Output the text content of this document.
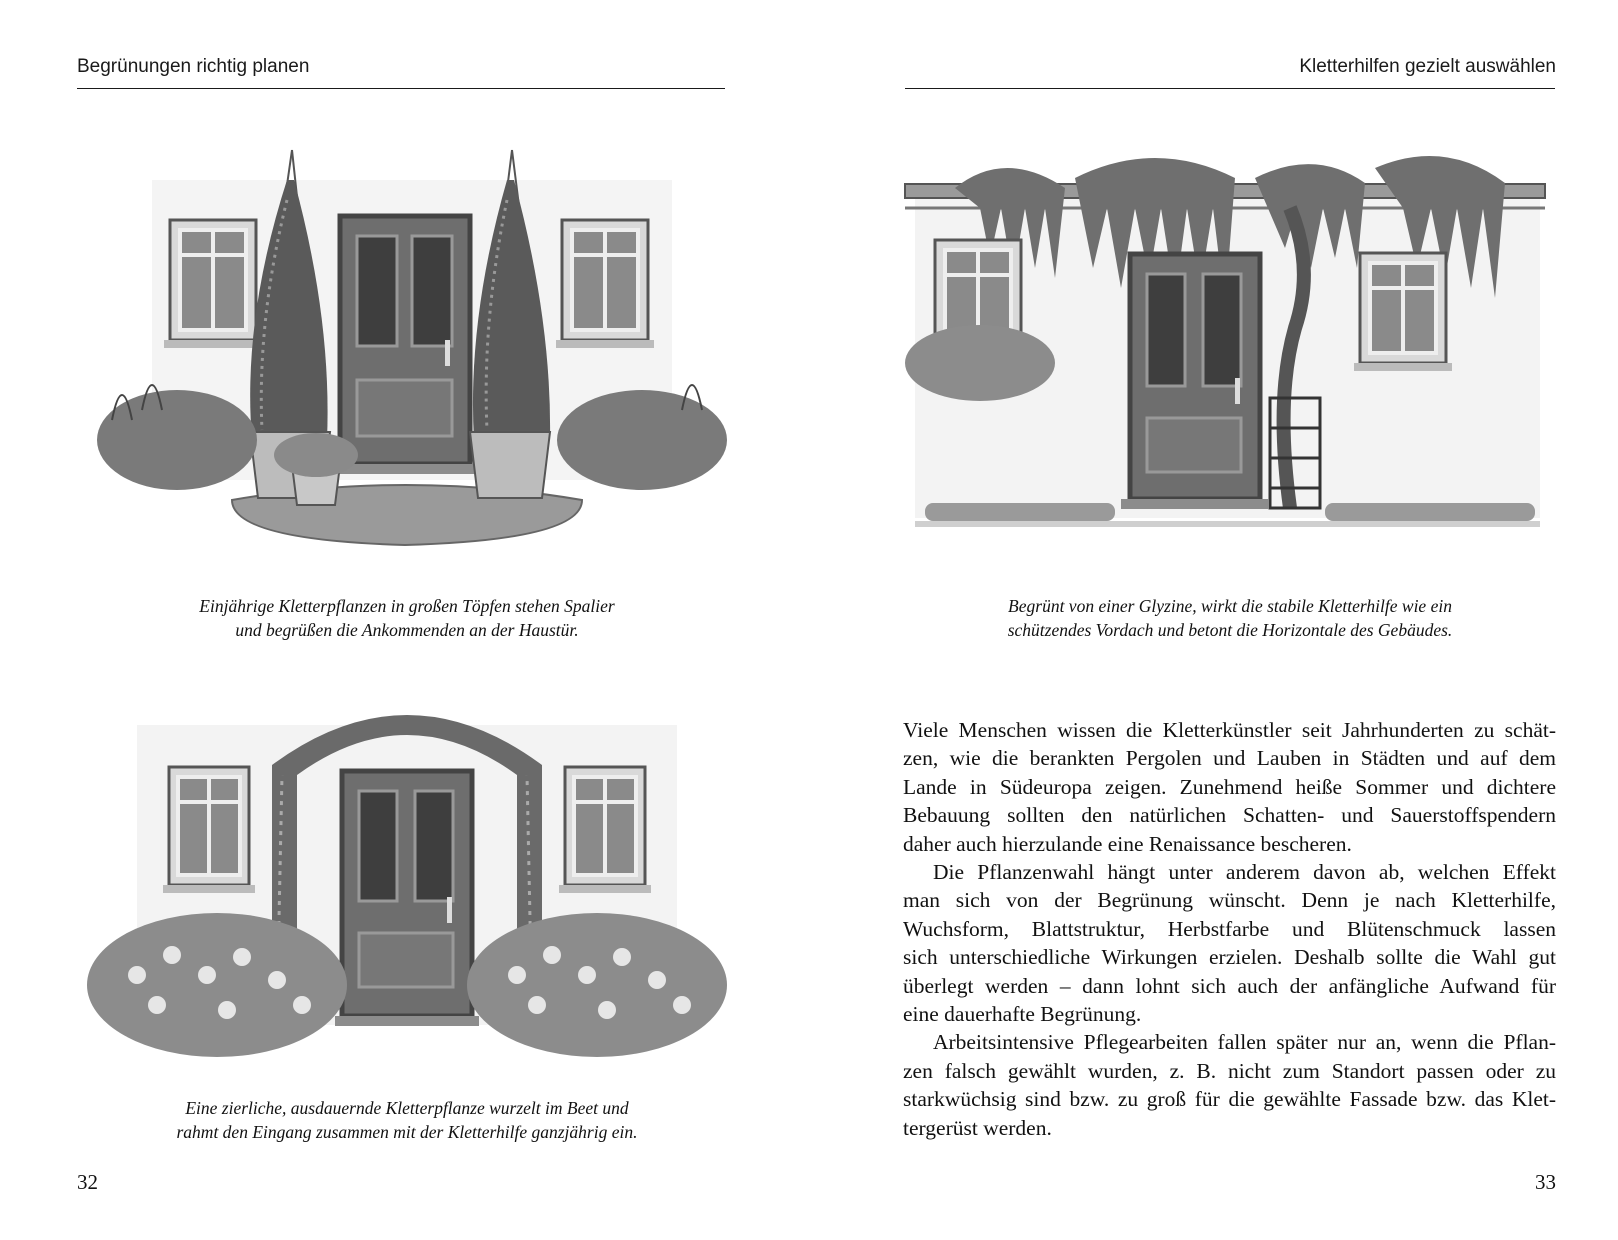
Begrünungen richtig planen
Einjährige Kletterpflanzen in großen Töpfen stehen Spalier
und begrüßen die Ankommenden an der Haustür.
Eine zierliche, ausdauernde Kletterpflanze wurzelt im Beet und
rahmt den Eingang zusammen mit der Kletterhilfe ganzjährig ein.
32
Kletterhilfen gezielt auswählen
Begrünt von einer Glyzine, wirkt die stabile Kletterhilfe wie ein
schützendes Vordach und betont die Horizontale des Gebäudes.

Viele Menschen wissen die Kletterkünstler seit Jahrhunderten zu schät-
zen, wie die berankten Pergolen und Lauben in Städten und auf dem
Lande in Südeuropa zeigen. Zunehmend heiße Sommer und dichtere
Bebauung sollten den natürlichen Schatten- und Sauerstoffspendern
daher auch hierzulande eine Renaissance bescheren.

Die Pflanzenwahl hängt unter anderem davon ab, welchen Effekt
man sich von der Begrünung wünscht. Denn je nach Kletterhilfe,
Wuchsform, Blattstruktur, Herbstfarbe und Blütenschmuck lassen
sich unterschiedliche Wirkungen erzielen. Deshalb sollte die Wahl gut
überlegt werden – dann lohnt sich auch der anfängliche Aufwand für
eine dauerhafte Begrünung.

Arbeitsintensive Pflegearbeiten fallen später nur an, wenn die Pflan-
zen falsch gewählt wurden, z. B. nicht zum Standort passen oder zu
starkwüchsig sind bzw. zu groß für die gewählte Fassade bzw. das Klet-
tergerüst werden.

33
